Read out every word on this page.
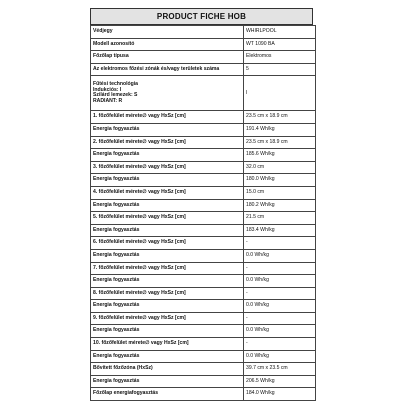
PRODUCT FICHE HOB
Védjegy	WHIRLPOOL
Modell azonosító	WT 1090 BA
Főzőlap típusa	Elektromos
Az elektromos főzési zónák és/vagy területek száma	5

Fűtési technológia
Indukciós: I
Szilárd lemezek: S
RADIANT: R	I
1. főzőfelület mérete∅ vagy HxSz [cm]	23.5 cm x 18.9 cm
Energia fogyasztás	191.4 Wh/kg
2. főzőfelület mérete∅ vagy HxSz [cm]	23.5 cm x 18.9 cm
Energia fogyasztás	185.6 Wh/kg
3. főzőfelület mérete∅ vagy HxSz [cm]	32.0 cm
Energia fogyasztás	180.0 Wh/kg
4. főzőfelület mérete∅ vagy HxSz [cm]	15.0 cm
Energia fogyasztás	180.2 Wh/kg
5. főzőfelület mérete∅ vagy HxSz [cm]	21.5 cm
Energia fogyasztás	183.4 Wh/kg
6. főzőfelület mérete∅ vagy HxSz [cm]	-
Energia fogyasztás	0.0 Wh/kg
7. főzőfelület mérete∅ vagy HxSz [cm]	-
Energia fogyasztás	0.0 Wh/kg
8. főzőfelület mérete∅ vagy HxSz [cm]	-
Energia fogyasztás	0.0 Wh/kg
9. főzőfelület mérete∅ vagy HxSz [cm]	-
Energia fogyasztás	0.0 Wh/kg
10. főzőfelület mérete∅ vagy HxSz [cm]	-
Energia fogyasztás	0.0 Wh/kg
Bővített főzőzóna (HxSz)	39.7 cm x 23.5 cm
Energia fogyasztás	206.5 Wh/kg
Főzőlap energiafogyasztás	184.0 Wh/kg
